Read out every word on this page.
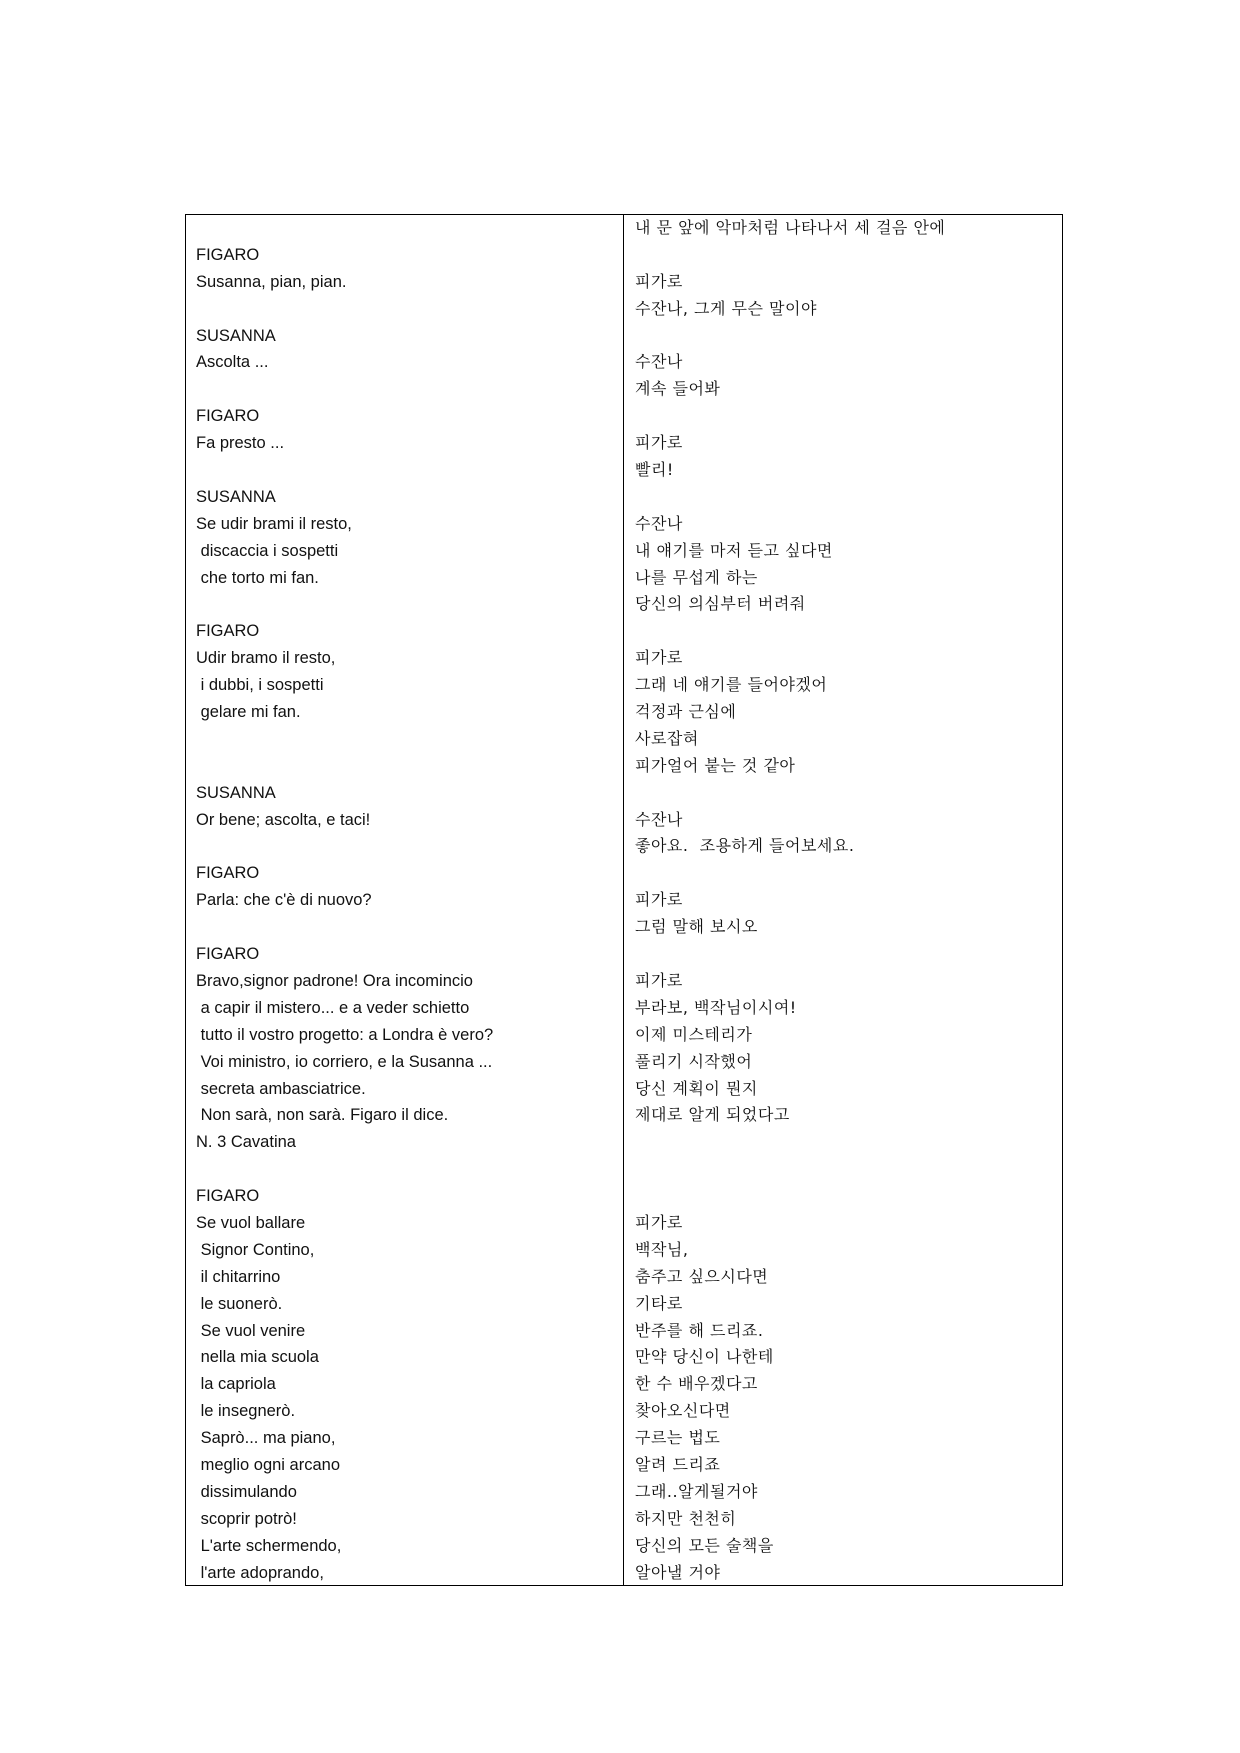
FIGARO
Susanna, pian, pian.
SUSANNA
Ascolta ...
FIGARO
Fa presto ...
SUSANNA
Se udir brami il resto,
discaccia i sospetti
che torto mi fan.
FIGARO
Udir bramo il resto,
i dubbi, i sospetti
gelare mi fan.
SUSANNA
Or bene; ascolta, e taci!
FIGARO
Parla: che c'è di nuovo?
FIGARO
Bravo,signor padrone! Ora incomincio
a capir il mistero... e a veder schietto
tutto il vostro progetto: a Londra è vero?
Voi ministro, io corriero, e la Susanna ...
secreta ambasciatrice.
Non sarà, non sarà. Figaro il dice.
N. 3 Cavatina
FIGARO
Se vuol ballare
Signor Contino,
il chitarrino
le suonerò.
Se vuol venire
nella mia scuola
la capriola
le insegnerò.
Saprò... ma piano,
meglio ogni arcano
dissimulando
scoprir potrò!
L'arte schermendo,
l'arte adoprando,
내 문 앞에 악마처럼 나타나서 세 걸음 안에
피가로
수잔나, 그게 무슨 말이야
수잔나
계속 들어봐
피가로
빨리!
수잔나
내 얘기를 마저 듣고 싶다면
나를 무섭게 하는
당신의 의심부터 버려줘
피가로
그래 네 얘기를 들어야겠어
걱정과 근심에
사로잡혀
피가얼어 붙는 것 같아
수잔나
좋아요.  조용하게 들어보세요.
피가로
그럼 말해 보시오
피가로
부라보, 백작님이시여!
이제 미스테리가
풀리기 시작했어
당신 계획이 뭔지
제대로 알게 되었다고
피가로
백작님,
춤주고 싶으시다면
기타로
반주를 해 드리죠.
만약 당신이 나한테
한 수 배우겠다고
찾아오신다면
구르는 법도
알려 드리죠
그래..알게될거야
하지만 천천히
당신의 모든 술책을
알아낼 거야
